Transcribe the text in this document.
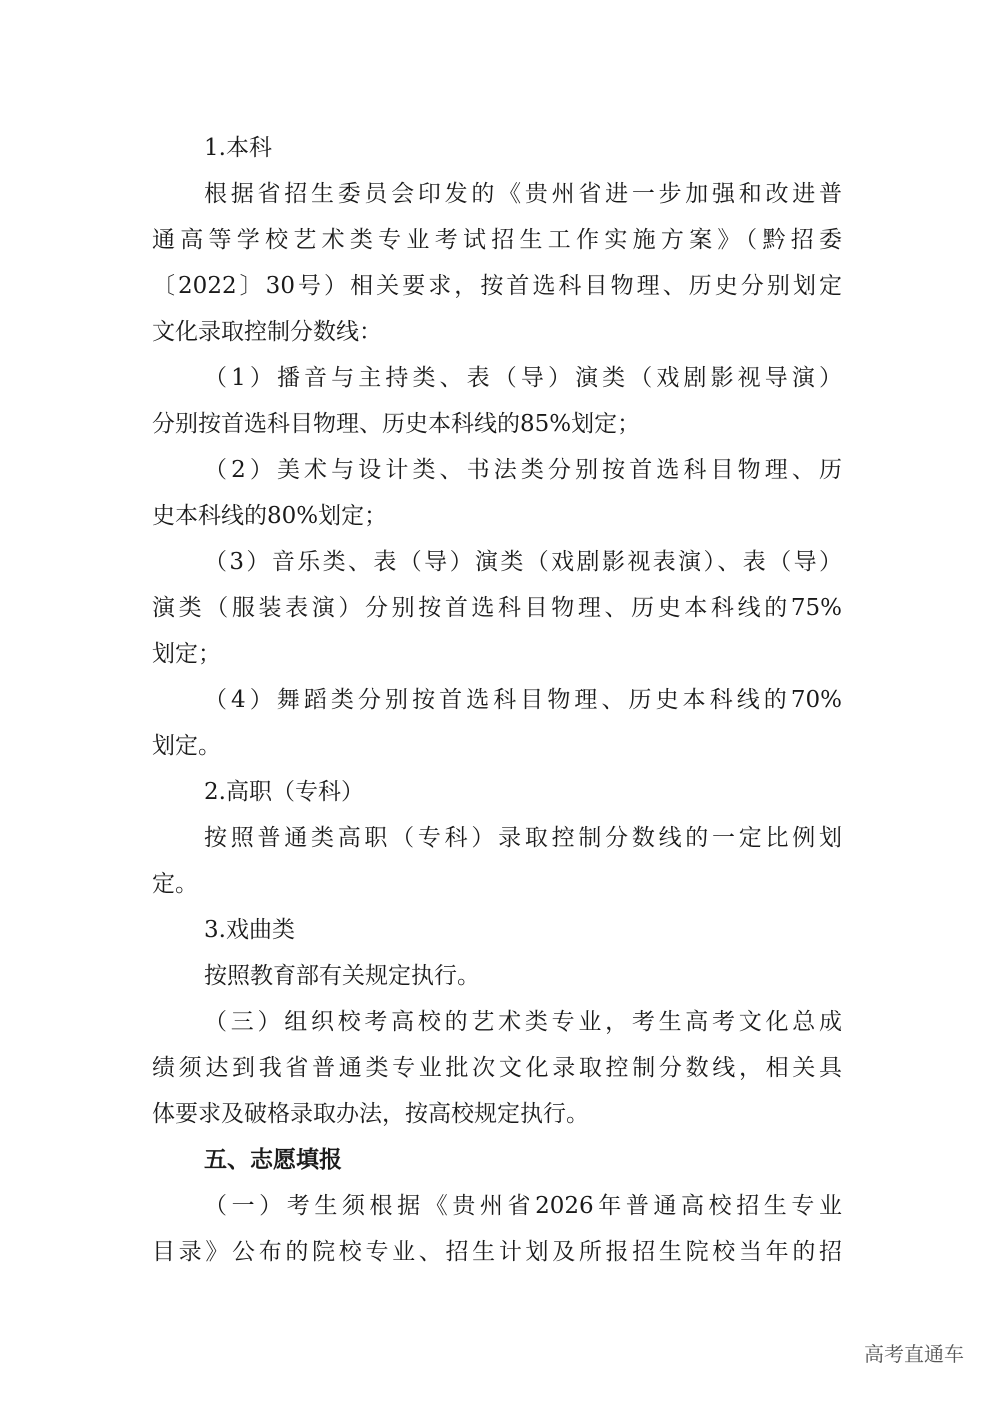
1.本科
根据省招生委员会印发的《贵州省进一步加强和改进普
通高等学校艺术类专业考试招生工作实施方案》（黔招委
〔2022〕30号）相关要求，按首选科目物理、历史分别划定
文化录取控制分数线：
（1）播音与主持类、表（导）演类（戏剧影视导演）
分别按首选科目物理、历史本科线的85%划定；
（2）美术与设计类、书法类分别按首选科目物理、历
史本科线的80%划定；
（3）音乐类、表（导）演类（戏剧影视表演）、表（导）
演类（服装表演）分别按首选科目物理、历史本科线的75%
划定；
（4）舞蹈类分别按首选科目物理、历史本科线的70%
划定。
2.高职（专科）
按照普通类高职（专科）录取控制分数线的一定比例划
定。
3.戏曲类
按照教育部有关规定执行。
（三）组织校考高校的艺术类专业，考生高考文化总成
绩须达到我省普通类专业批次文化录取控制分数线，相关具
体要求及破格录取办法，按高校规定执行。
五、志愿填报
（一）考生须根据《贵州省2026年普通高校招生专业
目录》公布的院校专业、招生计划及所报招生院校当年的招
高考直通车
